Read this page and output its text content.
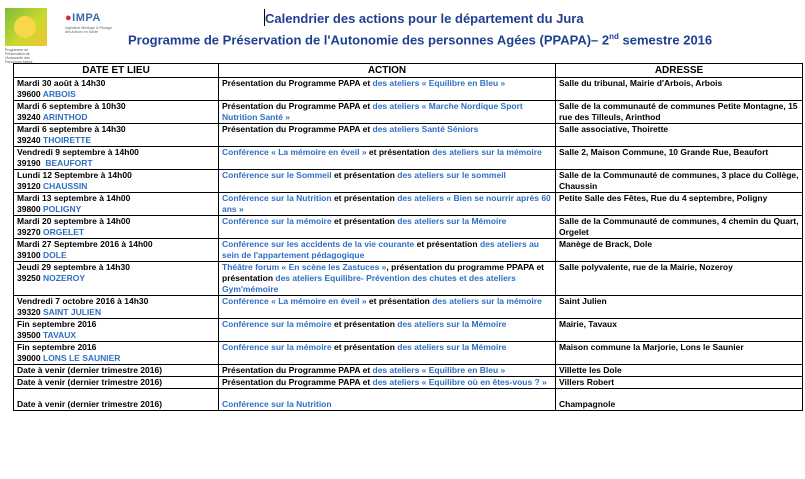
Programme de Préservation de l'Autonomie des Personnes Agées
●IMPA
Ingénierie Montage & Pilotage des Actions en Santé
Calendrier des actions pour le département du Jura
Programme de Préservation de l'Autonomie des personnes Agées (PPAPA)– 2nd semestre 2016
DATE ET LIEU	ACTION	ADRESSE

Mardi 30 août à 14h30
39600 ARBOIS	Présentation du Programme PAPA et des ateliers « Equilibre en Bleu »	Salle du tribunal, Mairie d'Arbois, Arbois

Mardi 6 septembre à 10h30
39240 ARINTHOD	Présentation du Programme PAPA et des ateliers « Marche Nordique Sport Nutrition Santé »	Salle de la communauté de communes Petite Montagne, 15 rue des Tilleuls, Arinthod

Mardi 6 septembre à 14h30
39240 THOIRETTE	Présentation du Programme PAPA et des ateliers Santé Séniors	Salle associative, Thoirette

Vendredi 9 septembre à 14h00
39190  BEAUFORT	Conférence « La mémoire en éveil » et présentation des ateliers sur la mémoire	Salle 2, Maison Commune, 10 Grande Rue, Beaufort

Lundi 12 Septembre à 14h00
39120 CHAUSSIN	Conférence sur le Sommeil et présentation des ateliers sur le sommeil	Salle de la Communauté de communes, 3 place du Collège, Chaussin

Mardi 13 septembre à 14h00
39800 POLIGNY	Conférence sur la Nutrition et présentation des ateliers « Bien se nourrir après 60 ans »	Petite Salle des Fêtes, Rue du 4 septembre, Poligny

Mardi 20 septembre à 14h00
39270 ORGELET	Conférence sur la mémoire et présentation des ateliers sur la Mémoire	Salle de la Communauté de communes, 4 chemin du Quart, Orgelet

Mardi 27 Septembre 2016 à 14h00
39100 DOLE	Conférence sur les accidents de la vie courante et présentation des ateliers au sein de l'appartement pédagogique	Manège de Brack, Dole

Jeudi 29 septembre à 14h30
39250 NOZEROY	Théâtre forum « En scène les Zastuces », présentation du programme PPAPA et présentation des ateliers Equilibre- Prévention des chutes et des ateliers Gym'mémoire	Salle polyvalente, rue de la Mairie, Nozeroy

Vendredi 7 octobre 2016 à 14h30
39320 SAINT JULIEN	Conférence « La mémoire en éveil » et présentation des ateliers sur la mémoire	Saint Julien

Fin septembre 2016
39500 TAVAUX	Conférence sur la mémoire et présentation des ateliers sur la Mémoire	Mairie, Tavaux

Fin septembre 2016
39000 LONS LE SAUNIER	Conférence sur la mémoire et présentation des ateliers sur la Mémoire	Maison commune la Marjorie, Lons le Saunier

Date à venir (dernier trimestre 2016)	Présentation du Programme PAPA et des ateliers « Equilibre en Bleu »	Villette les Dole

Date à venir (dernier trimestre 2016)	Présentation du Programme PAPA et des ateliers « Equilibre où en êtes-vous ? »	Villers Robert

Date à venir (dernier trimestre 2016)	Conférence sur la Nutrition	Champagnole
